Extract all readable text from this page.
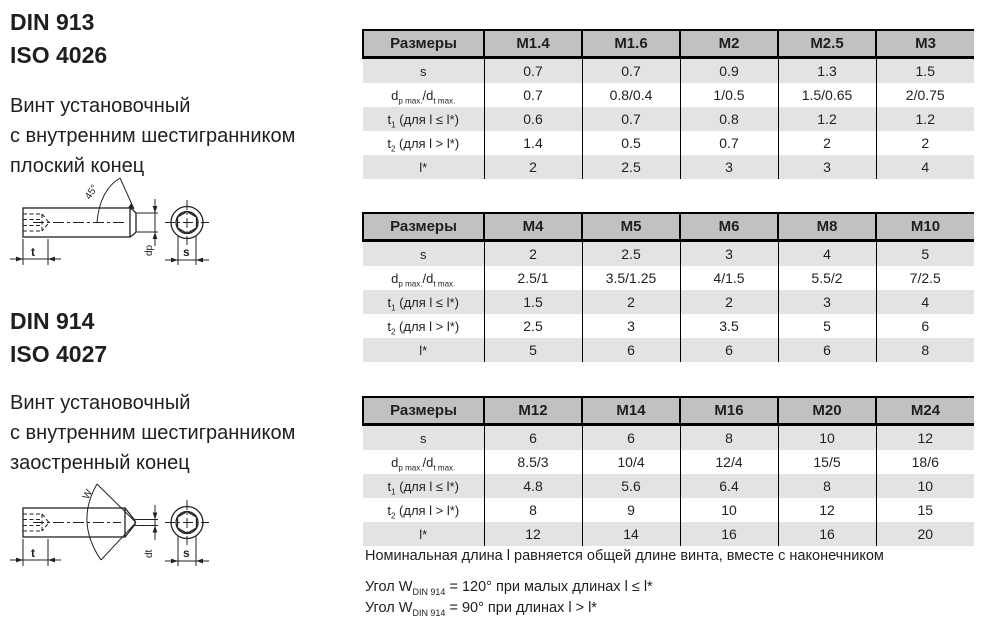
DIN 913
ISO 4026
Винт установочный
с внутренним шестигранником
плоский конец
t	s
45°
dp
DIN 914
ISO 4027
Винт установочный
с внутренним шестигранником
заостренный конец
t	s
W
dt
Размеры	M1.4	M1.6	M2	M2.5	M3
s	0.7	0.7	0.9	1.3	1.5
$d_{p max.}/d_{t max.}$	0.7	0.8/0.4	1/0.5	1.5/0.65	2/0.75
$t_1$ (для l ≤ l*)	0.6	0.7	0.8	1.2	1.2
$t_2$ (для l > l*)	1.4	0.5	0.7	2	2
l*	2	2.5	3	3	4
Размеры	M4	M5	M6	M8	M10
s	2	2.5	3	4	5
$d_{p max.}/d_{t max.}$	2.5/1	3.5/1.25	4/1.5	5.5/2	7/2.5
$t_1$ (для l ≤ l*)	1.5	2	2	3	4
$t_2$ (для l > l*)	2.5	3	3.5	5	6
l*	5	6	6	6	8
Размеры	M12	M14	M16	M20	M24
s	6	6	8	10	12
$d_{p max.}/d_{t max.}$	8.5/3	10/4	12/4	15/5	18/6
$t_1$ (для l ≤ l*)	4.8	5.6	6.4	8	10
$t_2$ (для l > l*)	8	9	10	12	15
l*	12	14	16	16	20

Номинальная длина l равняется общей длине винта, вместе с наконечником

Угол $W_{DIN 914} = 120^\circ$ при малых длинах l ≤ l*

Угол $W_{DIN 914} = 90^\circ$ при длинах l > l*
